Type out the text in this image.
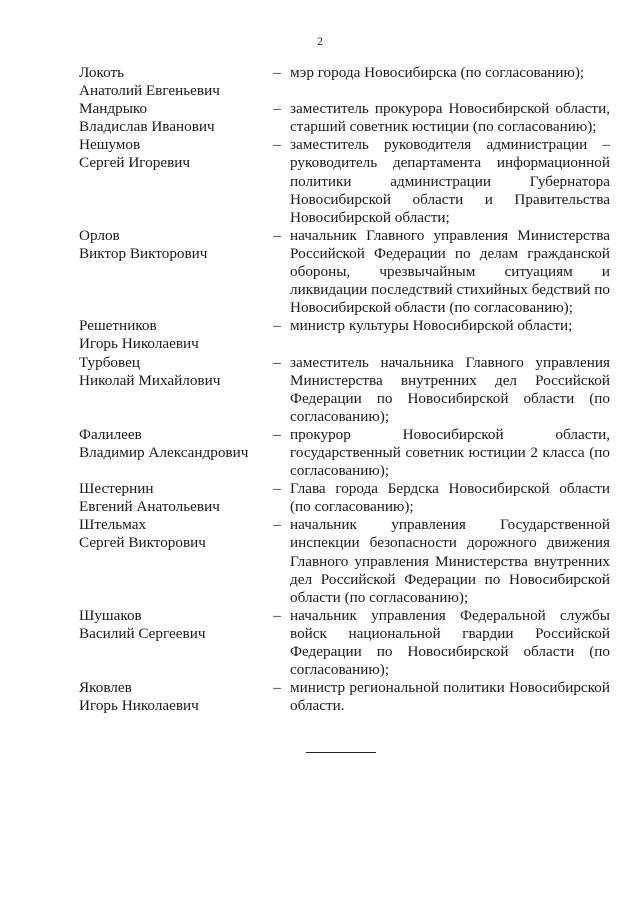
2
Локоть
Анатолий Евгеньевич
– мэр города Новосибирска (по согласованию);
Мандрыко
Владислав Иванович
– заместитель прокурора Новосибирской области, старший советник юстиции (по согласованию);
Нешумов
Сергей Игоревич
– заместитель руководителя администрации – руководитель департамента информационной политики администрации Губернатора Новосибирской области и Правительства Новосибирской области;
Орлов
Виктор Викторович
– начальник Главного управления Министерства Российской Федерации по делам гражданской обороны, чрезвычайным ситуациям и ликвидации последствий стихийных бедствий по Новосибирской области (по согласованию);
Решетников
Игорь Николаевич
– министр культуры Новосибирской области;
Турбовец
Николай Михайлович
– заместитель начальника Главного управления Министерства внутренних дел Российской Федерации по Новосибирской области (по согласованию);
Фалилеев
Владимир Александрович
– прокурор Новосибирской области, государственный советник юстиции 2 класса (по согласованию);
Шестернин
Евгений Анатольевич
– Глава города Бердска Новосибирской области (по согласованию);
Штельмах
Сергей Викторович
– начальник управления Государственной инспекции безопасности дорожного движения Главного управления Министерства внутренних дел Российской Федерации по Новосибирской области (по согласованию);
Шушаков
Василий Сергеевич
– начальник управления Федеральной службы войск национальной гвардии Российской Федерации по Новосибирской области (по согласованию);
Яковлев
Игорь Николаевич
– министр региональной политики Новосибирской области.
